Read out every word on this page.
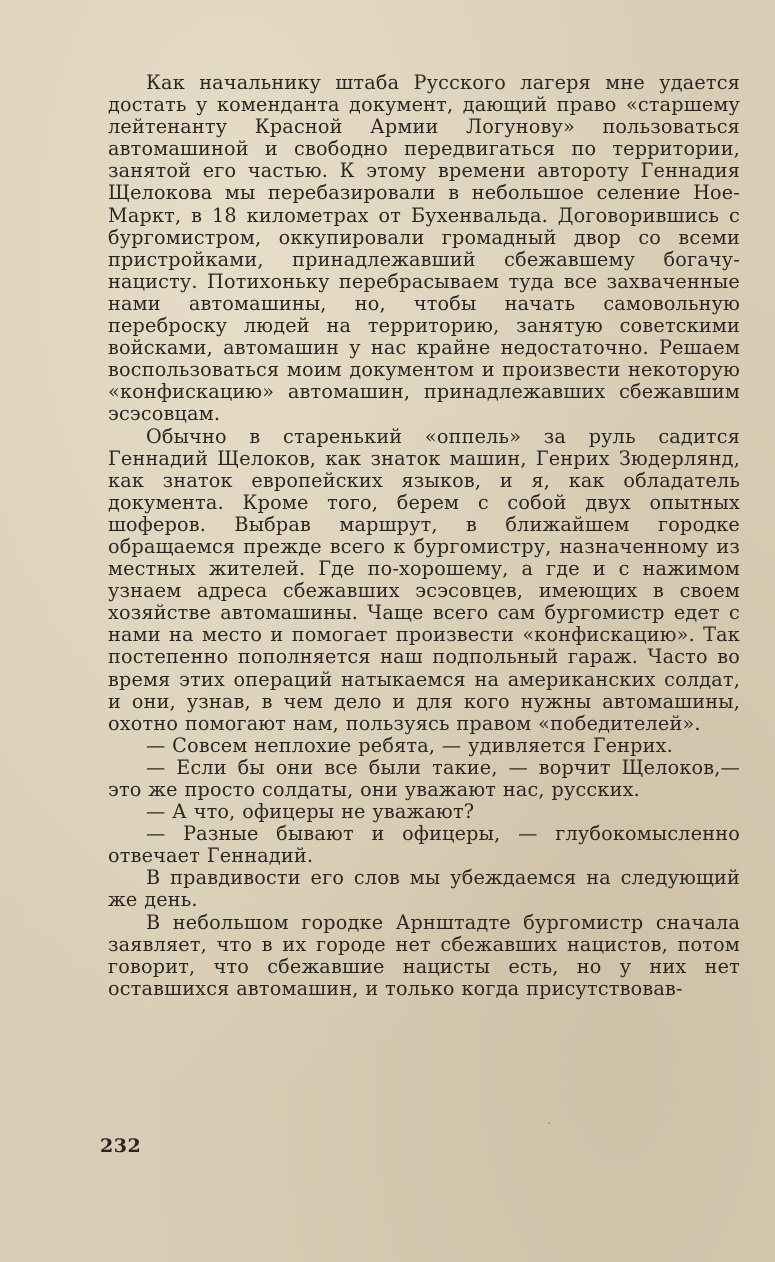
Как начальнику штаба Русского лагеря мне удается достать у коменданта документ, дающий право «старшему лейтенанту Красной Армии Логунову» пользоваться автомашиной и свободно передвигаться по территории, занятой его частью. К этому времени автороту Геннадия Щелокова мы перебазировали в небольшое селение Ное-Маркт, в 18 километрах от Бухенвальда. Договорившись с бургомистром, оккупировали громадный двор со всеми пристройками, принадлежавший сбежавшему богачу-нацисту. Потихоньку перебрасываем туда все захваченные нами автомашины, но, чтобы начать самовольную переброску людей на территорию, занятую советскими войсками, автомашин у нас крайне недостаточно. Решаем воспользоваться моим документом и произвести некоторую «конфискацию» автомашин, принадлежавших сбежавшим эсэсовцам.

Обычно в старенький «оппель» за руль садится Геннадий Щелоков, как знаток машин, Генрих Зюдерлянд, как знаток европейских языков, и я, как обладатель документа. Кроме того, берем с собой двух опытных шоферов. Выбрав маршрут, в ближайшем городке обращаемся прежде всего к бургомистру, назначенному из местных жителей. Где по-хорошему, а где и с нажимом узнаем адреса сбежавших эсэсовцев, имеющих в своем хозяйстве автомашины. Чаще всего сам бургомистр едет с нами на место и помогает произвести «конфискацию». Так постепенно пополняется наш подпольный гараж. Часто во время этих операций натыкаемся на американских солдат, и они, узнав, в чем дело и для кого нужны автомашины, охотно помогают нам, пользуясь правом «победителей».

— Совсем неплохие ребята, — удивляется Генрих.

— Если бы они все были такие, — ворчит Щелоков,— это же просто солдаты, они уважают нас, русских.

— А что, офицеры не уважают?

— Разные бывают и офицеры, — глубокомысленно отвечает Геннадий.

В правдивости его слов мы убеждаемся на следующий же день.

В небольшом городке Арнштадте бургомистр сначала заявляет, что в их городе нет сбежавших нацистов, потом говорит, что сбежавшие нацисты есть, но у них нет оставшихся автомашин, и только когда присутствовав-

232
